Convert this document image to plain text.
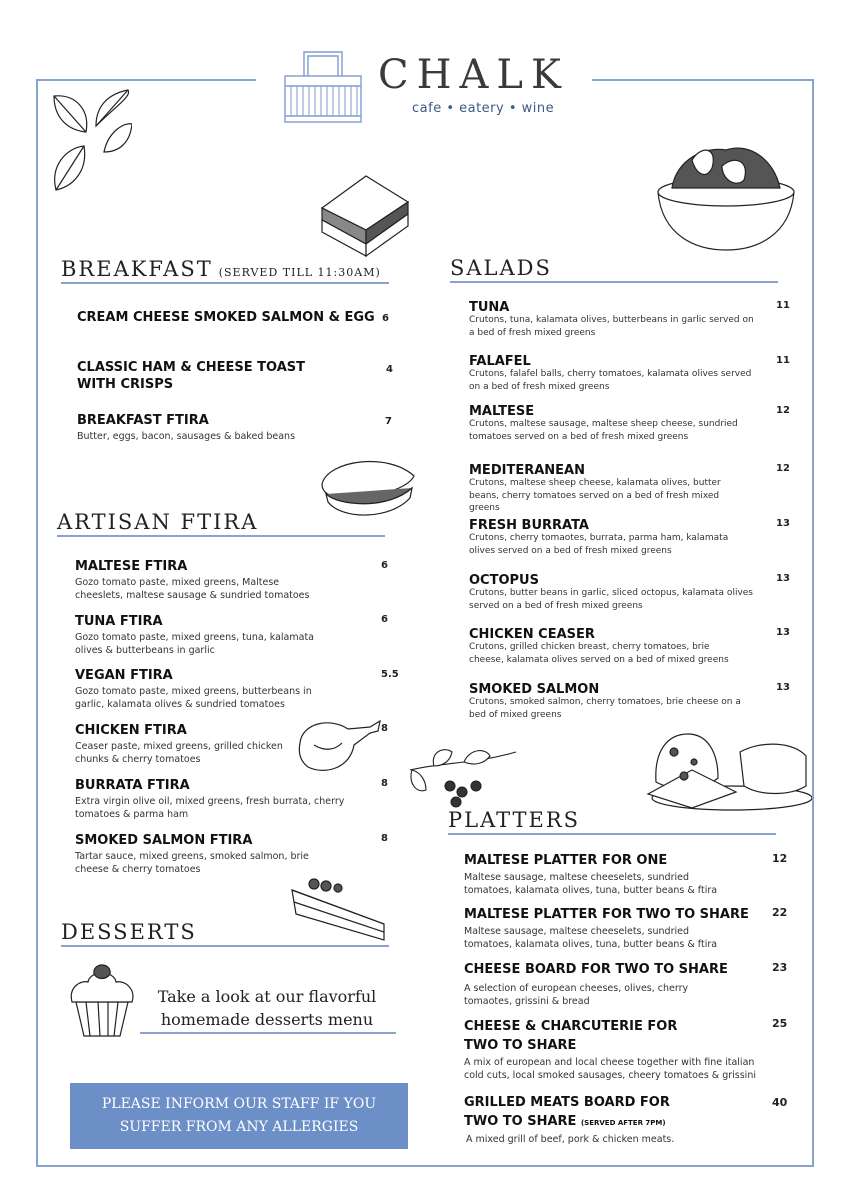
CHALK
cafe • eatery • wine
BREAKFAST (SERVED TILL 11:30AM)
CREAM CHEESE SMOKED SALMON & EGG 6
CLASSIC HAM & CHEESE TOAST WITH CRISPS
4
BREAKFAST FTIRA
Butter, eggs, bacon, sausages & baked beans
7
ARTISAN FTIRA
MALTESE FTIRA
Gozo tomato paste, mixed greens, Maltese cheeslets, maltese sausage & sundried tomatoes
6
TUNA FTIRA
Gozo tomato paste, mixed greens, tuna, kalamata olives & butterbeans in garlic
6
VEGAN FTIRA
Gozo tomato paste, mixed greens, butterbeans in garlic, kalamata olives & sundried tomatoes
5.5
CHICKEN FTIRA
Ceaser paste, mixed greens, grilled chicken chunks & cherry tomatoes
8
BURRATA FTIRA
Extra virgin olive oil, mixed greens, fresh burrata, cherry tomatoes & parma ham
8
SMOKED SALMON FTIRA
Tartar sauce, mixed greens, smoked salmon, brie cheese & cherry tomatoes
8
DESSERTS
Take a look at our flavorful homemade desserts menu
PLEASE INFORM OUR STAFF IF YOU SUFFER FROM ANY ALLERGIES
SALADS
TUNA
Crutons, tuna, kalamata olives, butterbeans in garlic served on a bed of fresh mixed greens
11
FALAFEL
Crutons, falafel balls, cherry tomatoes, kalamata olives served on a bed of fresh mixed greens
11
MALTESE
Crutons, maltese sausage, maltese sheep cheese, sundried tomatoes served on a bed of fresh mixed greens
12
MEDITERANEAN
Crutons, maltese sheep cheese, kalamata olives, butter beans, cherry tomatoes served on a bed of fresh mixed greens
12
FRESH BURRATA
Crutons, cherry tomaotes, burrata, parma ham, kalamata olives served on a bed of fresh mixed greens
13
OCTOPUS
Crutons, butter beans in garlic, sliced octopus, kalamata olives served on a bed of fresh mixed greens
13
CHICKEN CEASER
Crutons, grilled chicken breast, cherry tomatoes, brie cheese, kalamata olives served on a bed of mixed greens
13
SMOKED SALMON
Crutons, smoked salmon, cherry tomatoes, brie cheese on a bed of mixed greens
13
PLATTERS
MALTESE PLATTER FOR ONE
Maltese sausage, maltese cheeselets, sundried tomatoes, kalamata olives, tuna, butter beans & ftira
12
MALTESE PLATTER FOR TWO TO SHARE
Maltese sausage, maltese cheeselets, sundried tomatoes, kalamata olives, tuna, butter beans & ftira
22
CHEESE BOARD FOR TWO TO SHARE
A selection of european cheeses, olives, cherry tomaotes, grissini & bread
23
CHEESE & CHARCUTERIE FOR TWO TO SHARE
A mix of european and local cheese together with fine italian cold cuts, local smoked sausages, cheery tomatoes & grissini
25
GRILLED MEATS BOARD FOR TWO TO SHARE (SERVED AFTER 7PM)
A mixed grill of beef, pork & chicken meats.
40
